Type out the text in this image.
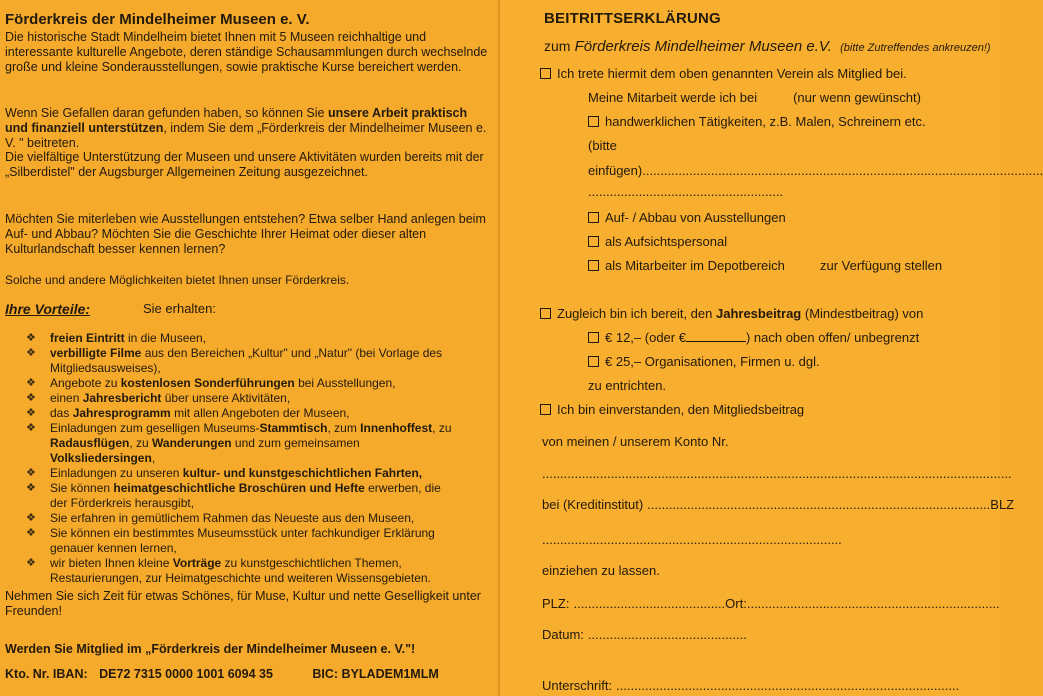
Förderkreis der Mindelheimer Museen e. V.
Die historische Stadt Mindelheim bietet Ihnen mit 5 Museen reichhaltige und interessante kulturelle Angebote, deren ständige Schausammlungen durch wechselnde große und kleine Sonderausstellungen, sowie praktische Kurse bereichert werden.
Wenn Sie Gefallen daran gefunden haben, so können Sie unsere Arbeit praktisch und finanziell unterstützen, indem Sie dem „Förderkreis der Mindelheimer Museen e. V. " beitreten.
Die vielfältige Unterstützung der Museen und unsere Aktivitäten wurden bereits mit der „Silberdistel" der Augsburger Allgemeinen Zeitung ausgezeichnet.
Möchten Sie miterleben wie Ausstellungen entstehen? Etwa selber Hand anlegen beim Auf- und Abbau? Möchten Sie die Geschichte Ihrer Heimat oder dieser alten Kulturlandschaft besser kennen lernen?
Solche und andere Möglichkeiten bietet Ihnen unser Förderkreis.
Ihre Vorteile:	Sie erhalten:
❖ freien Eintritt in die Museen,
❖ verbilligte Filme aus den Bereichen „Kultur" und „Natur" (bei Vorlage des Mitgliedsausweises),
❖ Angebote zu kostenlosen Sonderführungen bei Ausstellungen,
❖ einen Jahresbericht über unsere Aktivitäten,
❖ das Jahresprogramm mit allen Angeboten der Museen,
❖ Einladungen zum geselligen Museums-Stammtisch, zum Innenhoffest, zu Radausflügen, zu Wanderungen und zum gemeinsamen Volksliedersingen,
❖ Einladungen zu unseren kultur- und kunstgeschichtlichen Fahrten,
❖ Sie können heimatgeschichtliche Broschüren und Hefte erwerben, die der Förderkreis herausgibt,
❖ Sie erfahren in gemütlichem Rahmen das Neueste aus den Museen,
❖ Sie können ein bestimmtes Museumsstück unter fachkundiger Erklärung genauer kennen lernen,
❖ wir bieten Ihnen kleine Vorträge zu kunstgeschichtlichen Themen, Restaurierungen, zur Heimatgeschichte und weiteren Wissensgebieten.
Nehmen Sie sich Zeit für etwas Schönes, für Muse, Kultur und nette Geselligkeit unter Freunden!
Werden Sie Mitglied im „Förderkreis der Mindelheimer Museen e. V."!
Kto. Nr. IBAN: DE72 7315 0000 1001 6094 35	BIC: BYLADEM1MLM
BEITRITTSERKLÄRUNG
zum Förderkreis Mindelheimer Museen e.V. (bitte Zutreffendes ankreuzen!)
Ich trete hiermit dem oben genannten Verein als Mitglied bei.
Meine Mitarbeit werde ich bei	(nur wenn gewünscht)
handwerklichen Tätigkeiten, z.B. Malen, Schreinern etc.
(bitte
einfügen)...............................................................................................................
......................................................
Auf- / Abbau von Ausstellungen
als Aufsichtspersonal
als Mitarbeiter im Depotbereich	zur Verfügung stellen
Zugleich bin ich bereit, den Jahresbeitrag (Mindestbeitrag) von
€ 12,– (oder €	) nach oben offen/ unbegrenzt
€ 25,– Organisationen, Firmen u. dgl.
zu entrichten.
Ich bin einverstanden, den Mitgliedsbeitrag
von meinen / unserem Konto Nr.
..................................................................................................................................
bei (Kreditinstitut) ...............................................................................................BLZ
...................................................................................
einziehen zu lassen.
PLZ: ..........................................Ort:......................................................................
Datum: ............................................
Unterschrift: ...............................................................................................
